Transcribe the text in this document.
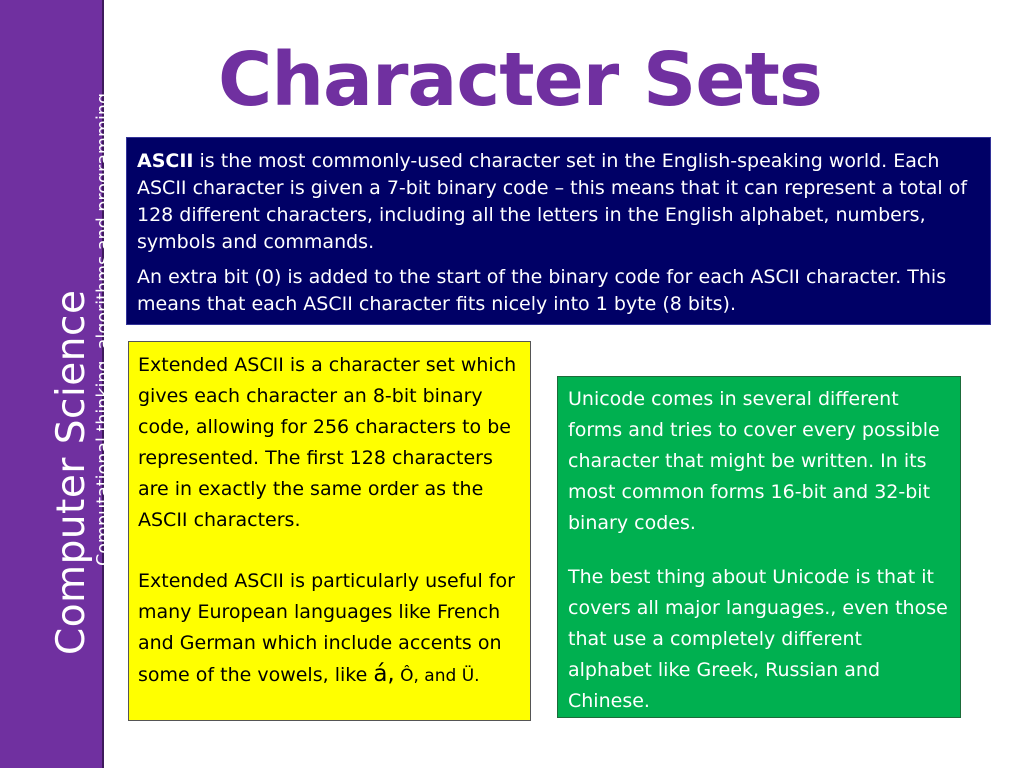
Computer Science Computational thinking, algorithms and programming
Character Sets

ASCII is the most commonly-used character set in the English-speaking world. Each ASCII character is given a 7-bit binary code – this means that it can represent a total of 128 different characters, including all the letters in the English alphabet, numbers, symbols and commands.

An extra bit (0) is added to the start of the binary code for each ASCII character. This means that each ASCII character fits nicely into 1 byte (8 bits).

Extended ASCII is a character set which gives each character an 8-bit binary code, allowing for 256 characters to be represented. The first 128 characters are in exactly the same order as the ASCII characters.

Extended ASCII is particularly useful for many European languages like French and German which include accents on some of the vowels, like á, Ô, and Ü.

Unicode comes in several different forms and tries to cover every possible character that might be written. In its most common forms 16-bit and 32-bit binary codes.

The best thing about Unicode is that it covers all major languages., even those that use a completely different alphabet like Greek, Russian and Chinese.
